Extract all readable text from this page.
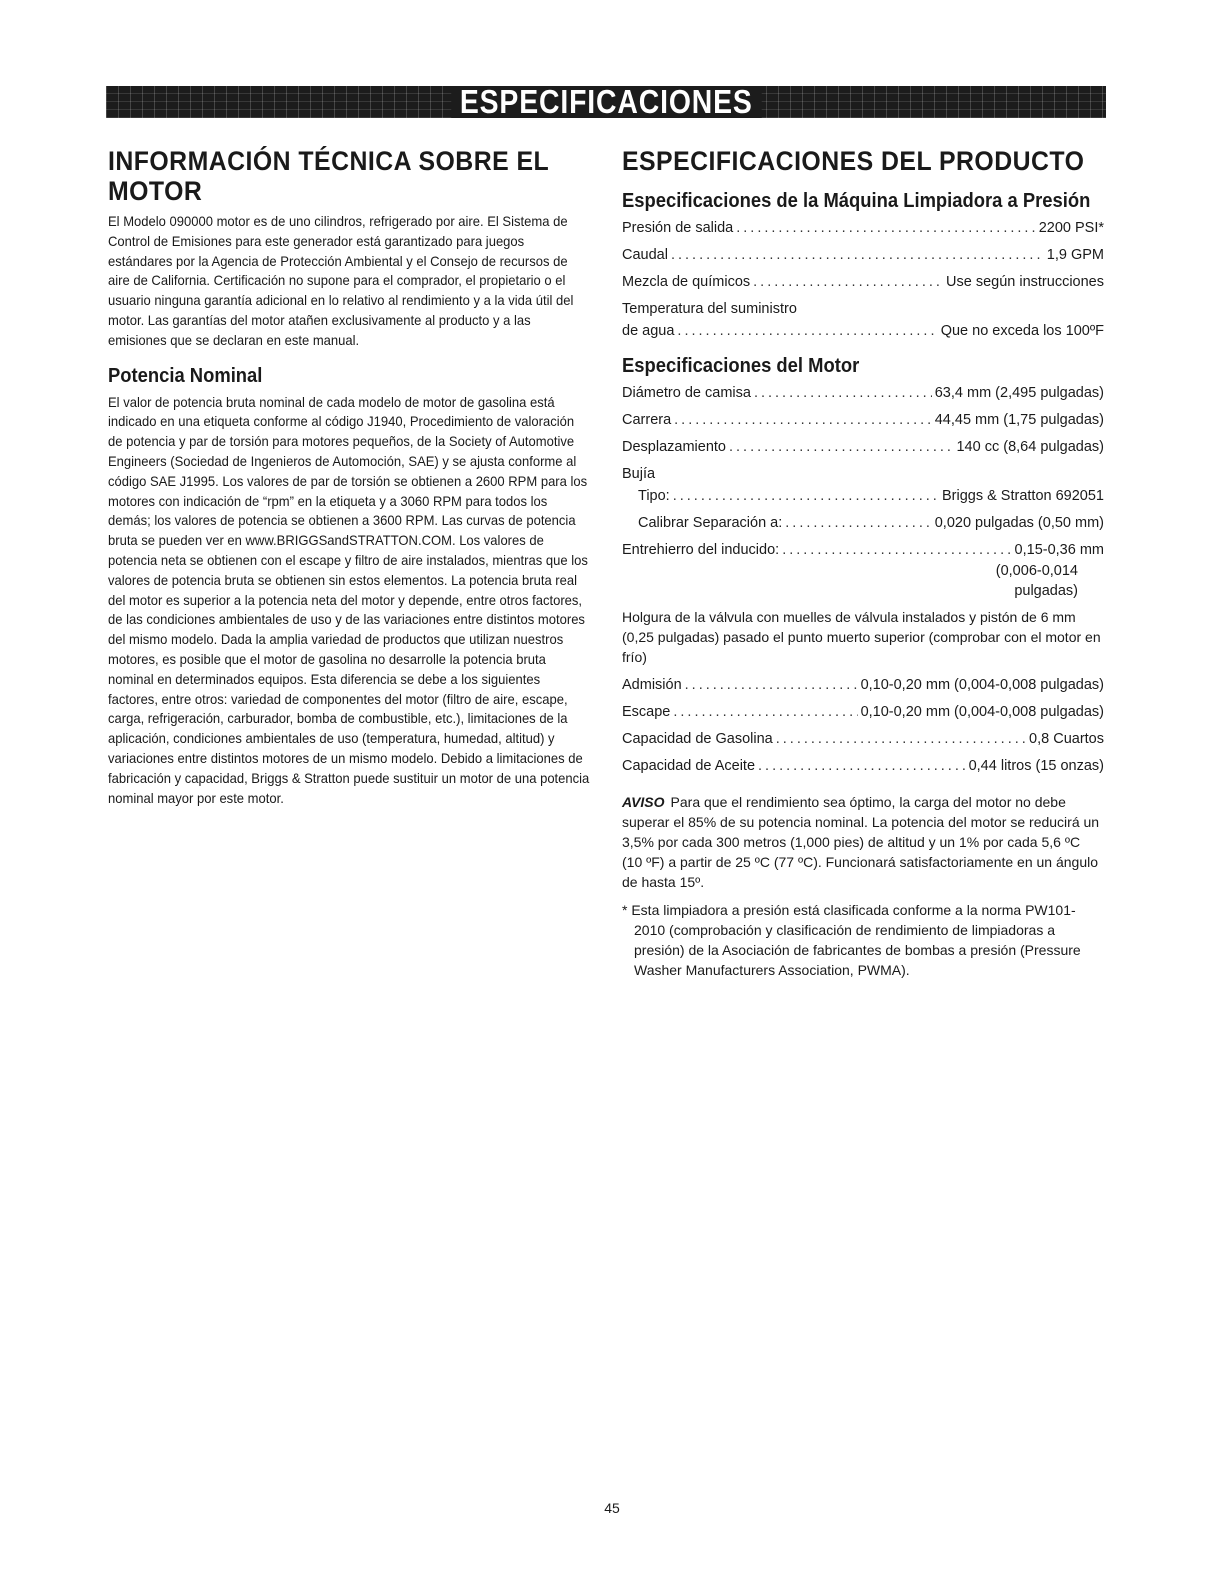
ESPECIFICACIONES
INFORMACIÓN TÉCNICA SOBRE EL MOTOR

El Modelo 090000 motor es de uno cilindros, refrigerado por aire. El Sistema de Control de Emisiones para este generador está garantizado para juegos estándares por la Agencia de Protección Ambiental y el Consejo de recursos de aire de California. Certificación no supone para el comprador, el propietario o el usuario ninguna garantía adicional en lo relativo al rendimiento y a la vida útil del motor. Las garantías del motor atañen exclusivamente al producto y a las emisiones que se declaran en este manual.

Potencia Nominal

El valor de potencia bruta nominal de cada modelo de motor de gasolina está indicado en una etiqueta conforme al código J1940, Procedimiento de valoración de potencia y par de torsión para motores pequeños, de la Society of Automotive Engineers (Sociedad de Ingenieros de Automoción, SAE) y se ajusta conforme al código SAE J1995. Los valores de par de torsión se obtienen a 2600 RPM para los motores con indicación de “rpm” en la etiqueta y a 3060 RPM para todos los demás; los valores de potencia se obtienen a 3600 RPM. Las curvas de potencia bruta se pueden ver en www.BRIGGSandSTRATTON.COM. Los valores de potencia neta se obtienen con el escape y filtro de aire instalados, mientras que los valores de potencia bruta se obtienen sin estos elementos. La potencia bruta real del motor es superior a la potencia neta del motor y depende, entre otros factores, de las condiciones ambientales de uso y de las variaciones entre distintos motores del mismo modelo. Dada la amplia variedad de productos que utilizan nuestros motores, es posible que el motor de gasolina no desarrolle la potencia bruta nominal en determinados equipos. Esta diferencia se debe a los siguientes factores, entre otros: variedad de componentes del motor (filtro de aire, escape, carga, refrigeración, carburador, bomba de combustible, etc.), limitaciones de la aplicación, condiciones ambientales de uso (temperatura, humedad, altitud) y variaciones entre distintos motores de un mismo modelo. Debido a limitaciones de fabricación y capacidad, Briggs & Stratton puede sustituir un motor de una potencia nominal mayor por este motor.

ESPECIFICACIONES DEL PRODUCTO
Especificaciones de la Máquina Limpiadora a Presión
Presión de salida .....	2200 PSI*
Caudal .....	1,9 GPM
Mezcla de químicos .....	Use según instrucciones
Temperatura del suministro
de agua .....	Que no exceda los 100ºF
Especificaciones del Motor
Diámetro de camisa .....	63,4 mm (2,495 pulgadas)
Carrera .....	44,45 mm (1,75 pulgadas)
Desplazamiento .....	140 cc (8,64 pulgadas)
Bujía
Tipo: .....	Briggs & Stratton 692051
Calibrar Separación a: .....	0,020 pulgadas (0,50 mm)
Entrehierro del inducido: .....	0,15-0,36 mm
(0,006-0,014
pulgadas)

Holgura de la válvula con muelles de válvula instalados y pistón de 6 mm (0,25 pulgadas) pasado el punto muerto superior (comprobar con el motor en frío)

Admisión .....	0,10-0,20 mm (0,004-0,008 pulgadas)
Escape .....	0,10-0,20 mm (0,004-0,008 pulgadas)
Capacidad de Gasolina .....	0,8 Cuartos
Capacidad de Aceite .....	0,44 litros (15 onzas)

AVISO Para que el rendimiento sea óptimo, la carga del motor no debe superar el 85% de su potencia nominal. La potencia del motor se reducirá un 3,5% por cada 300 metros (1,000 pies) de altitud y un 1% por cada 5,6 ºC (10 ºF) a partir de 25 ºC (77 ºC). Funcionará satisfactoriamente en un ángulo de hasta 15º.

* Esta limpiadora a presión está clasificada conforme a la norma PW101-2010 (comprobación y clasificación de rendimiento de limpiadoras a presión) de la Asociación de fabricantes de bombas a presión (Pressure Washer Manufacturers Association, PWMA).

45
